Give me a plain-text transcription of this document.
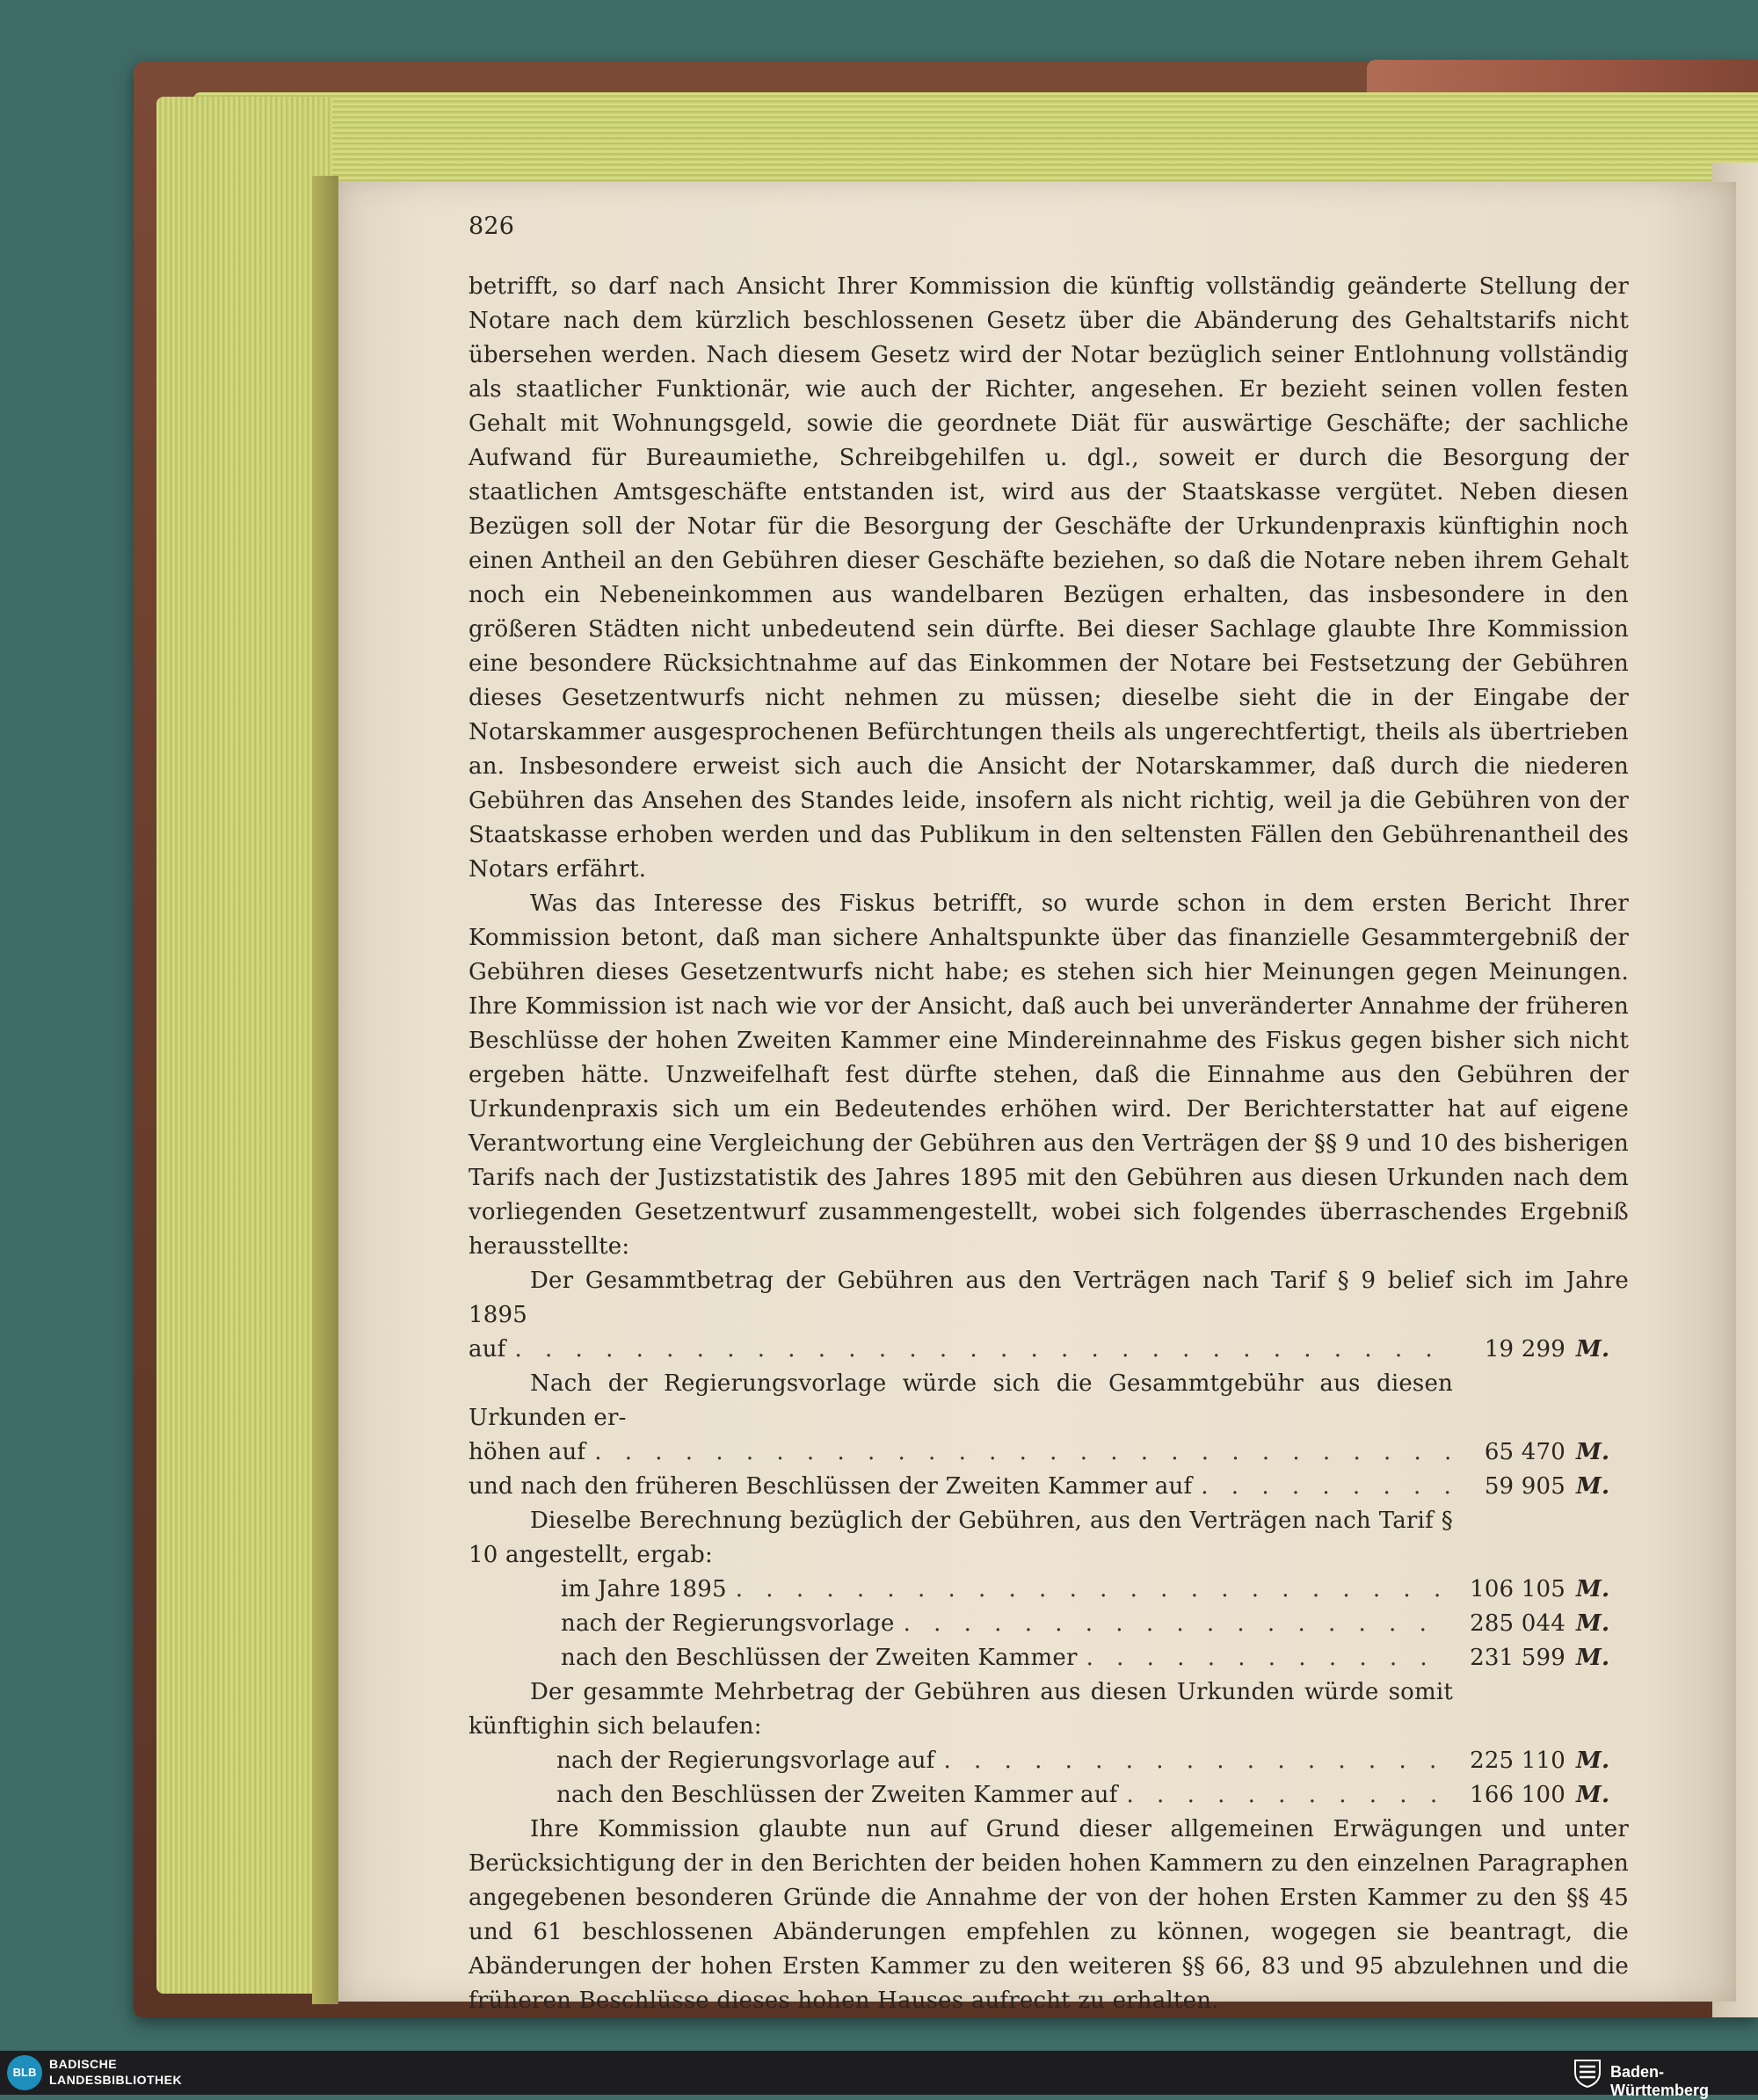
826

betrifft, so darf nach Ansicht Ihrer Kommission die künftig vollständig geänderte Stellung der Notare nach dem kürzlich beschlossenen Gesetz über die Abänderung des Gehaltstarifs nicht übersehen werden. Nach diesem Gesetz wird der Notar bezüglich seiner Entlohnung vollständig als staatlicher Funktionär, wie auch der Richter, angesehen. Er bezieht seinen vollen festen Gehalt mit Wohnungsgeld, sowie die geordnete Diät für auswärtige Geschäfte; der sachliche Aufwand für Bureaumiethe, Schreibgehilfen u. dgl., soweit er durch die Besorgung der staatlichen Amtsgeschäfte entstanden ist, wird aus der Staatskasse vergütet. Neben diesen Bezügen soll der Notar für die Besorgung der Geschäfte der Urkundenpraxis künftighin noch einen Antheil an den Gebühren dieser Geschäfte beziehen, so daß die Notare neben ihrem Gehalt noch ein Nebeneinkommen aus wandelbaren Bezügen erhalten, das insbesondere in den größeren Städten nicht unbedeutend sein dürfte. Bei dieser Sachlage glaubte Ihre Kommission eine besondere Rücksichtnahme auf das Einkommen der Notare bei Festsetzung der Gebühren dieses Gesetzentwurfs nicht nehmen zu müssen; dieselbe sieht die in der Eingabe der Notarskammer ausgesprochenen Befürchtungen theils als ungerechtfertigt, theils als übertrieben an. Insbesondere erweist sich auch die Ansicht der Notarskammer, daß durch die niederen Gebühren das Ansehen des Standes leide, insofern als nicht richtig, weil ja die Gebühren von der Staatskasse erhoben werden und das Publikum in den seltensten Fällen den Gebührenantheil des Notars erfährt.

Was das Interesse des Fiskus betrifft, so wurde schon in dem ersten Bericht Ihrer Kommission betont, daß man sichere Anhaltspunkte über das finanzielle Gesammtergebniß der Gebühren dieses Gesetzentwurfs nicht habe; es stehen sich hier Meinungen gegen Meinungen. Ihre Kommission ist nach wie vor der Ansicht, daß auch bei unveränderter Annahme der früheren Beschlüsse der hohen Zweiten Kammer eine Mindereinnahme des Fiskus gegen bisher sich nicht ergeben hätte. Unzweifelhaft fest dürfte stehen, daß die Einnahme aus den Gebühren der Urkundenpraxis sich um ein Bedeutendes erhöhen wird. Der Berichterstatter hat auf eigene Verantwortung eine Vergleichung der Gebühren aus den Verträgen der §§ 9 und 10 des bisherigen Tarifs nach der Justizstatistik des Jahres 1895 mit den Gebühren aus diesen Urkunden nach dem vorliegenden Gesetzentwurf zusammengestellt, wobei sich folgendes überraschendes Ergebniß herausstellte:

Der Gesammtbetrag der Gebühren aus den Verträgen nach Tarif § 9 belief sich im Jahre 1895

auf . . .	19 299 M.

Nach der Regierungsvorlage würde sich die Gesammtgebühr aus diesen Urkunden er-

höhen auf . . .	65 470 M.
und nach den früheren Beschlüssen der Zweiten Kammer auf . . .	59 905 M.

Dieselbe Berechnung bezüglich der Gebühren, aus den Verträgen nach Tarif § 10 angestellt, ergab:

im Jahre 1895 . . .	106 105 M.
nach der Regierungsvorlage . . .	285 044 M.
nach den Beschlüssen der Zweiten Kammer . . .	231 599 M.

Der gesammte Mehrbetrag der Gebühren aus diesen Urkunden würde somit künftighin sich belaufen:

nach der Regierungsvorlage auf . . .	225 110 M.
nach den Beschlüssen der Zweiten Kammer auf . . .	166 100 M.

Ihre Kommission glaubte nun auf Grund dieser allgemeinen Erwägungen und unter Berücksichtigung der in den Berichten der beiden hohen Kammern zu den einzelnen Paragraphen angegebenen besonderen Gründe die Annahme der von der hohen Ersten Kammer zu den §§ 45 und 61 beschlossenen Abänderungen empfehlen zu können, wogegen sie beantragt, die Abänderungen der hohen Ersten Kammer zu den weiteren §§ 66, 83 und 95 abzulehnen und die früheren Beschlüsse dieses hohen Hauses aufrecht zu erhalten.

BLB
BADISCHE
LANDESBIBLIOTHEK	Baden-Württemberg
